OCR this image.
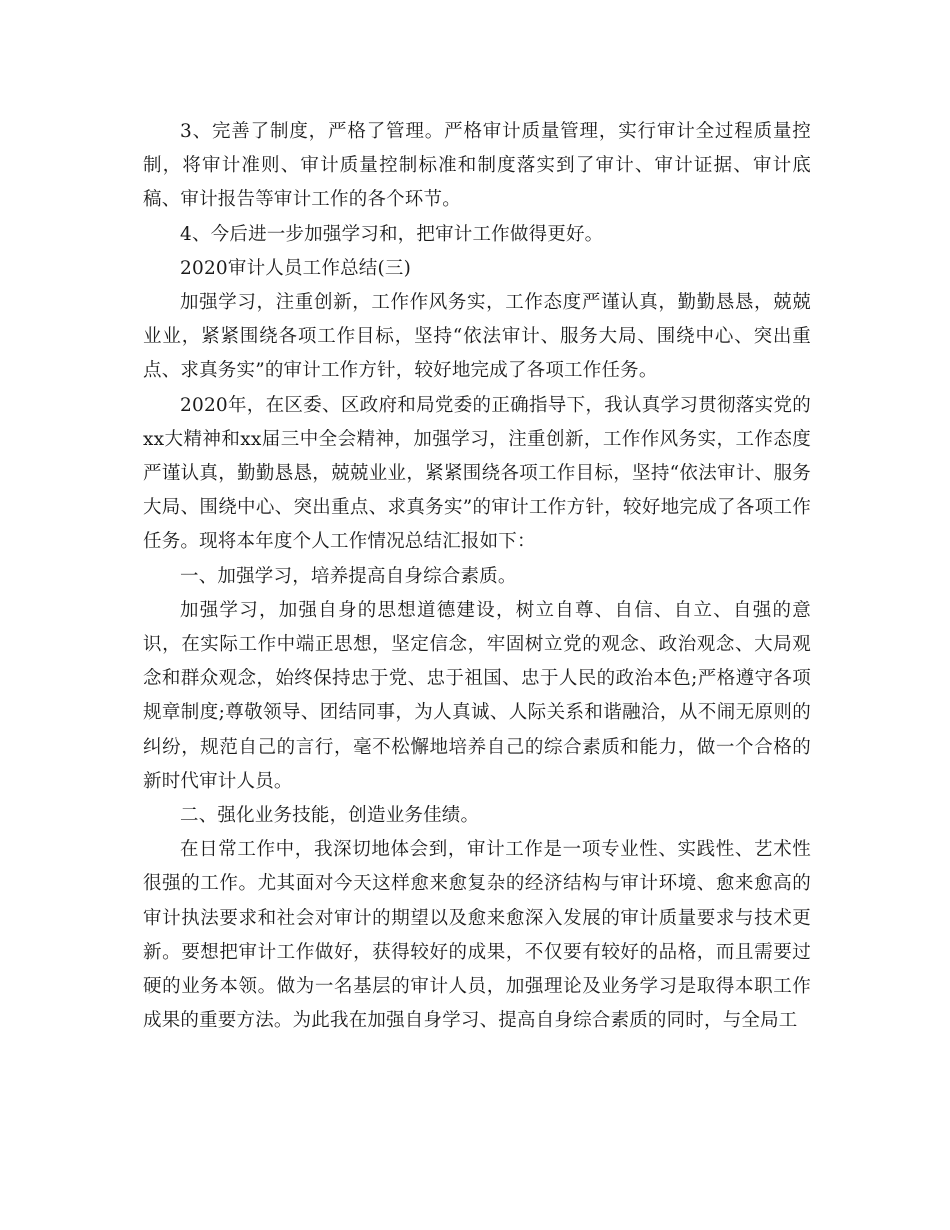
3、完善了制度，严格了管理。严格审计质量管理，实行审计全过程质量控制，将审计准则、审计质量控制标准和制度落实到了审计、审计证据、审计底稿、审计报告等审计工作的各个环节。

4、今后进一步加强学习和，把审计工作做得更好。

2020审计人员工作总结(三)

加强学习，注重创新，工作作风务实，工作态度严谨认真，勤勤恳恳，兢兢业业，紧紧围绕各项工作目标，坚持“依法审计、服务大局、围绕中心、突出重点、求真务实”的审计工作方针，较好地完成了各项工作任务。

2020年，在区委、区政府和局党委的正确指导下，我认真学习贯彻落实党的xx大精神和xx届三中全会精神，加强学习，注重创新，工作作风务实，工作态度严谨认真，勤勤恳恳，兢兢业业，紧紧围绕各项工作目标，坚持“依法审计、服务大局、围绕中心、突出重点、求真务实”的审计工作方针，较好地完成了各项工作任务。现将本年度个人工作情况总结汇报如下：

一、加强学习，培养提高自身综合素质。

加强学习，加强自身的思想道德建设，树立自尊、自信、自立、自强的意识，在实际工作中端正思想，坚定信念，牢固树立党的观念、政治观念、大局观念和群众观念，始终保持忠于党、忠于祖国、忠于人民的政治本色;严格遵守各项规章制度;尊敬领导、团结同事，为人真诚、人际关系和谐融洽，从不闹无原则的纠纷，规范自己的言行，毫不松懈地培养自己的综合素质和能力，做一个合格的新时代审计人员。

二、强化业务技能，创造业务佳绩。

在日常工作中，我深切地体会到，审计工作是一项专业性、实践性、艺术性很强的工作。尤其面对今天这样愈来愈复杂的经济结构与审计环境、愈来愈高的审计执法要求和社会对审计的期望以及愈来愈深入发展的审计质量要求与技术更新。要想把审计工作做好，获得较好的成果，不仅要有较好的品格，而且需要过硬的业务本领。做为一名基层的审计人员，加强理论及业务学习是取得本职工作成果的重要方法。为此我在加强自身学习、提高自身综合素质的同时，与全局工
